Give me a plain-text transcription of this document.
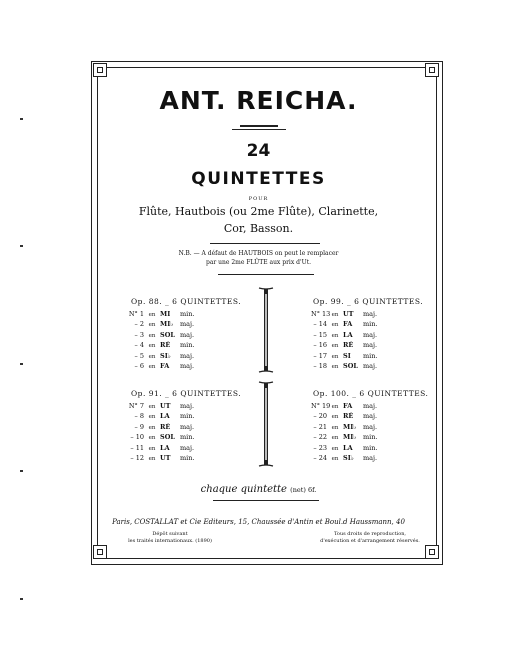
ANT. REICHA.
24
QUINTETTES
POUR
Flûte, Hautbois (ou 2me Flûte), Clarinette,
Cor, Basson.
N.B. — A défaut de HAUTBOIS on peut le remplacer
par une 2me FLÛTE aux prix d'Ut.
Op. 88. _ 6 QUINTETTES.	Op. 99. _ 6 QUINTETTES.
Op. 91. _ 6 QUINTETTES.	Op. 100. _ 6 QUINTETTES.
N° 1 en MI min.
– 2 en MI♭ maj.
– 3 en SOL maj.
– 4 en RÉ min.
– 5 en SI♭ maj.
– 6 en FA maj.
N° 13en UT maj.
– 14 en FA min.
– 15 en LA maj.
– 16 en RÉ maj.
– 17 en SI min.
– 18 en SOL maj.
N° 7 en UT maj.
– 8 en LA min.
– 9 en RÉ maj.
– 10 en SOL min.
– 11 en LA maj.
– 12 en UT min.
N° 19en FA maj.
– 20 en RÉ maj.
– 21 en MI♭ maj.
– 22 en MI♭ min.
– 23 en LA min.
– 24 en SI♭ maj.
chaque quintette (net) 6f.
Paris, COSTALLAT et Cie Editeurs, 15, Chaussée d'Antin et Boul.d Haussmann, 40
Dépôt suivant
les traités internationaux. (1890)
Tous droits de reproduction,
d'exécution et d'arrangement réservés.
